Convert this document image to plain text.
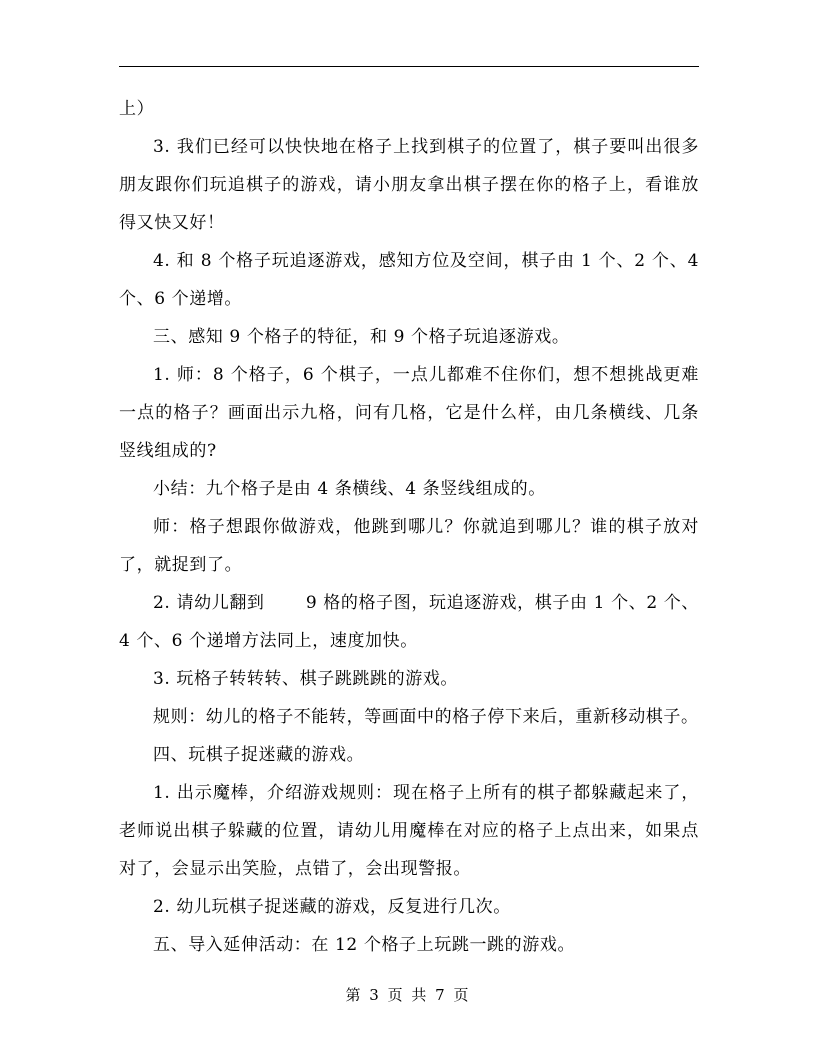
上）

3. 我们已经可以快快地在格子上找到棋子的位置了，棋子要叫出很多朋友跟你们玩追棋子的游戏，请小朋友拿出棋子摆在你的格子上，看谁放得又快又好！

4. 和 8 个格子玩追逐游戏，感知方位及空间，棋子由 1 个、2 个、4 个、6 个递增。

三、感知 9 个格子的特征，和 9 个格子玩追逐游戏。

1. 师：8 个格子，6 个棋子，一点儿都难不住你们，想不想挑战更难一点的格子？画面出示九格，问有几格，它是什么样，由几条横线、几条竖线组成的?

小结：九个格子是由 4 条横线、4 条竖线组成的。

师：格子想跟你做游戏，他跳到哪儿？你就追到哪儿？谁的棋子放对了，就捉到了。

2. 请幼儿翻到　　 9 格的格子图，玩追逐游戏，棋子由 1 个、2 个、4 个、6 个递增方法同上，速度加快。

3. 玩格子转转转、棋子跳跳跳的游戏。

规则：幼儿的格子不能转，等画面中的格子停下来后，重新移动棋子。

四、玩棋子捉迷藏的游戏。

1. 出示魔棒，介绍游戏规则：现在格子上所有的棋子都躲藏起来了，老师说出棋子躲藏的位置，请幼儿用魔棒在对应的格子上点出来，如果点对了，会显示出笑脸，点错了，会出现警报。

2. 幼儿玩棋子捉迷藏的游戏，反复进行几次。

五、导入延伸活动：在 12 个格子上玩跳一跳的游戏。

第 3 页 共 7 页
